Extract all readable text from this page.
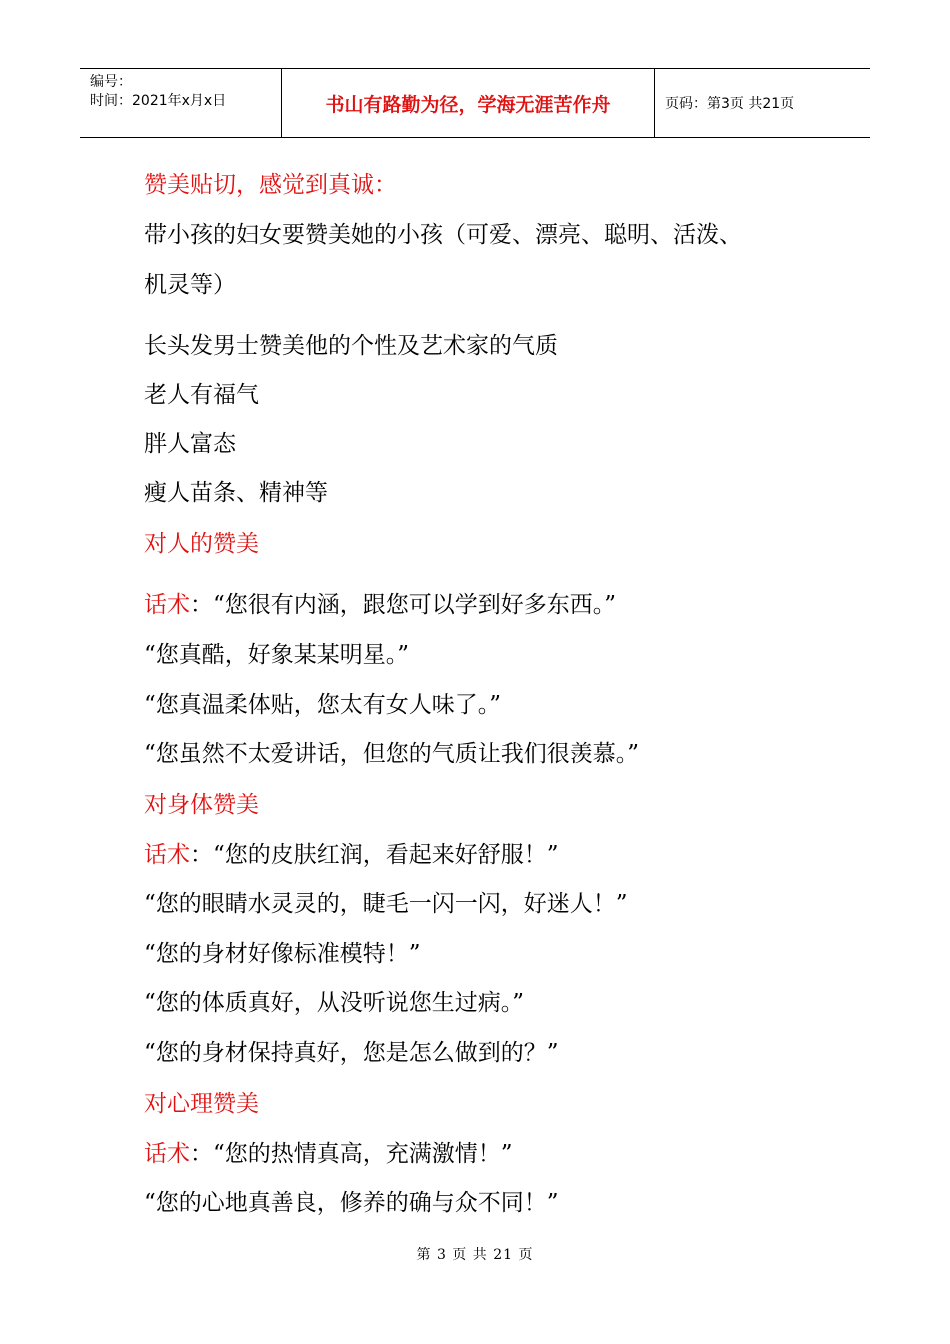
编号：
时间：2021年x月x日	书山有路勤为径，学海无涯苦作舟	页码：第3页 共21页
赞美贴切，感觉到真诚：
带小孩的妇女要赞美她的小孩（可爱、漂亮、聪明、活泼、
机灵等）
长头发男士赞美他的个性及艺术家的气质
老人有福气
胖人富态
瘦人苗条、精神等
对人的赞美
话术：“您很有内涵，跟您可以学到好多东西。”
“您真酷，好象某某明星。”
“您真温柔体贴，您太有女人味了。”
“您虽然不太爱讲话，但您的气质让我们很羡慕。”
对身体赞美
话术：“您的皮肤红润，看起来好舒服！”
“您的眼睛水灵灵的，睫毛一闪一闪，好迷人！”
“您的身材好像标准模特！”
“您的体质真好，从没听说您生过病。”
“您的身材保持真好，您是怎么做到的？”
对心理赞美
话术：“您的热情真高，充满激情！”
“您的心地真善良，修养的确与众不同！”
第 3 页 共 21 页
